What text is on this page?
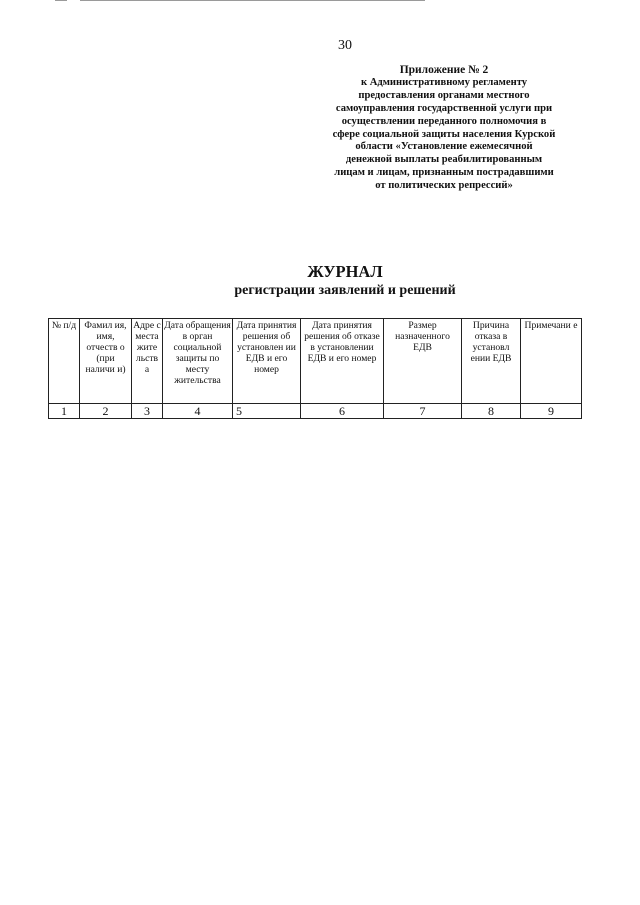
30
Приложение № 2
к Административному регламенту
предоставления органами местного
самоуправления государственной услуги при
осуществлении переданного полномочия в
сфере социальной защиты населения Курской
области «Установление ежемесячной
денежной выплаты реабилитированным
лицам и лицам, признанным пострадавшими
от политических репрессий»
ЖУРНАЛ
регистрации заявлений и решений
№ п/д	Фамил ия, имя, отчеств о (при наличи и)	Адре с места жите льств а	Дата обращения в орган социальной защиты по месту жительства	Дата принятия решения об установлен ии ЕДВ и его номер	Дата принятия решения об отказе в установлении ЕДВ и его номер	Размер назначенного ЕДВ	Причина отказа в установл ении ЕДВ	Примечани е
1	2	3	4	5	6	7	8	9
